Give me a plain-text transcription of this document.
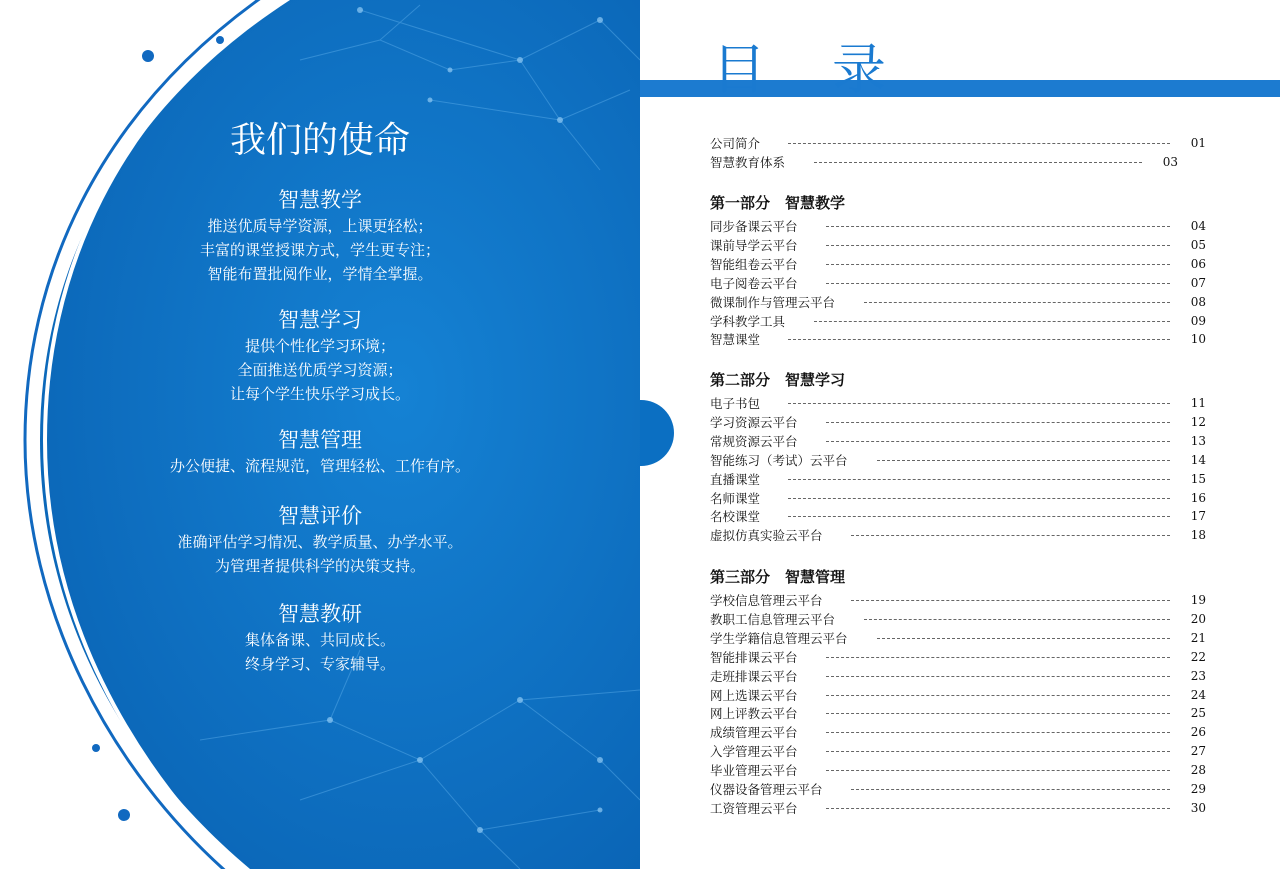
我们的使命

智慧教学

推送优质导学资源，上课更轻松；

丰富的课堂授课方式，学生更专注；

智能布置批阅作业，学情全掌握。

智慧学习

提供个性化学习环境；

全面推送优质学习资源；

让每个学生快乐学习成长。

智慧管理

办公便捷、流程规范，管理轻松、工作有序。

智慧评价

准确评估学习情况、教学质量、办学水平。

为管理者提供科学的决策支持。

智慧教研

集体备课、共同成长。

终身学习、专家辅导。

目录
公司简介	01
智慧教育体系	03
第一部分　智慧教学
同步备课云平台	04
课前导学云平台	05
智能组卷云平台	06
电子阅卷云平台	07
微课制作与管理云平台	08
学科教学工具	09
智慧课堂	10
第二部分　智慧学习
电子书包	11
学习资源云平台	12
常规资源云平台	13
智能练习（考试）云平台	14
直播课堂	15
名师课堂	16
名校课堂	17
虚拟仿真实验云平台	18
第三部分　智慧管理
学校信息管理云平台	19
教职工信息管理云平台	20
学生学籍信息管理云平台	21
智能排课云平台	22
走班排课云平台	23
网上选课云平台	24
网上评教云平台	25
成绩管理云平台	26
入学管理云平台	27
毕业管理云平台	28
仪器设备管理云平台	29
工资管理云平台	30
